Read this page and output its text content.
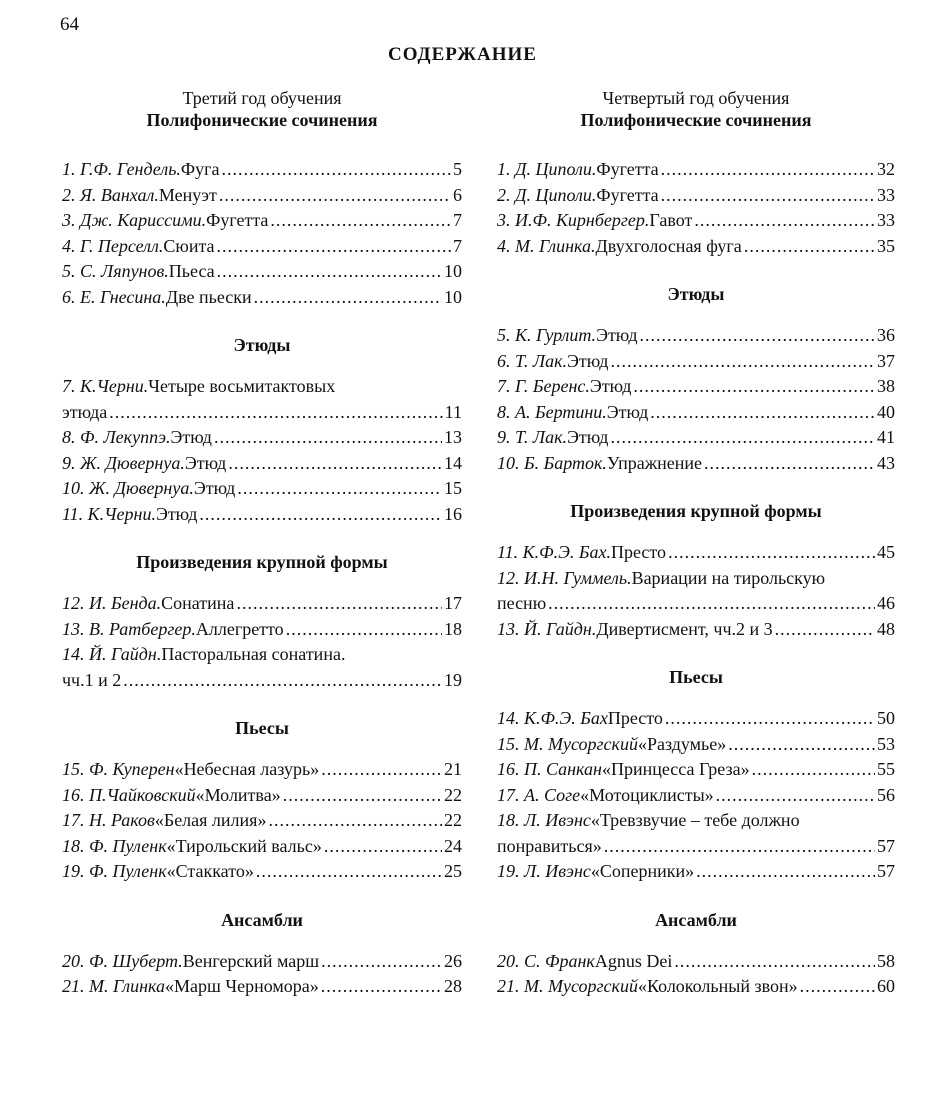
64
СОДЕРЖАНИЕ
Третий год обучения
Полифонические сочинения
1. Г.Ф. Гендель. Фуга .....	5
2. Я. Ванхал. Менуэт .....	6
3. Дж. Кариссими. Фугетта .....	7
4. Г. Перселл. Сюита .....	7
5. С. Ляпунов. Пьеса .....	10
6. Е. Гнесина. Две пьески .....	10
Этюды
7. К.Черни. Четыре восьмитактовых
этюда .....	11
8. Ф. Лекуппэ. Этюд .....	13
9. Ж. Дювернуа. Этюд .....	14
10. Ж. Дювернуа. Этюд .....	15
11. К.Черни. Этюд .....	16
Произведения крупной формы
12. И. Бенда. Сонатина .....	17
13. В. Ратбергер. Аллегретто .....	18
14. Й. Гайдн. Пасторальная сонатина.
чч.1 и 2 .....	19
Пьесы
15. Ф. Куперен «Небесная лазурь» .....	21
16. П.Чайковский «Молитва» .....	22
17. Н. Раков «Белая лилия» .....	22
18. Ф. Пуленк «Тирольский вальс» .....	24
19. Ф. Пуленк «Стаккато» .....	25
Ансамбли
20. Ф. Шуберт. Венгерский марш .....	26
21. М. Глинка «Марш Черномора» .....	28
Четвертый год обучения
Полифонические сочинения
1. Д. Циполи. Фугетта .....	32
2. Д. Циполи. Фугетта .....	33
3. И.Ф. Кирнбергер. Гавот .....	33
4. М. Глинка. Двухголосная фуга .....	35
Этюды
5. К. Гурлит. Этюд .....	36
6. Т. Лак. Этюд .....	37
7. Г. Беренс. Этюд .....	38
8. А. Бертини. Этюд .....	40
9. Т. Лак. Этюд .....	41
10. Б. Барток. Упражнение .....	43
Произведения крупной формы
11. К.Ф.Э. Бах. Престо .....	45
12. И.Н. Гуммель. Вариации на тирольскую
песню .....	46
13. Й. Гайдн. Дивертисмент, чч.2 и 3 .....	48
Пьесы
14. К.Ф.Э. Бах Престо .....	50
15. М. Мусоргский «Раздумье» .....	53
16. П. Санкан «Принцесса Греза» .....	55
17. А. Соге «Мотоциклисты» .....	56
18. Л. Ивэнс «Тревзвучие – тебе должно
понравиться» .....	57
19. Л. Ивэнс «Соперники» .....	57
Ансамбли
20. С. Франк Agnus Dei .....	58
21. М. Мусоргский «Колокольный звон» .....	60
